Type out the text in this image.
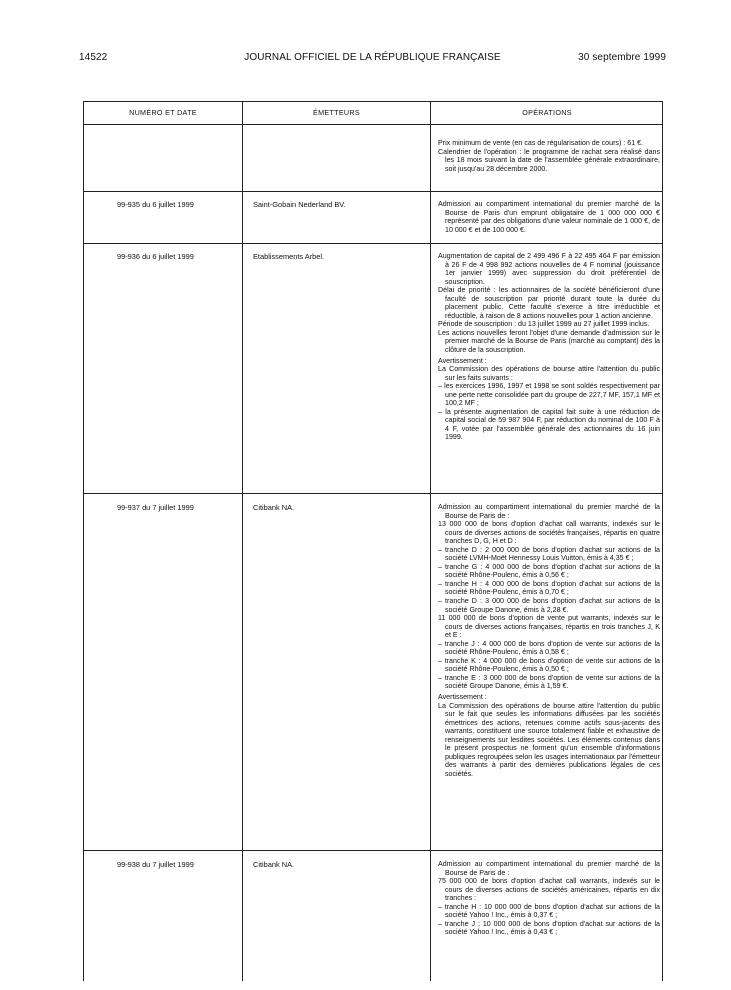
14522	JOURNAL OFFICIEL DE LA RÉPUBLIQUE FRANÇAISE	30 septembre 1999
NUMÉRO ET DATE	ÉMETTEURS	OPÉRATIONS

Prix minimum de vente (en cas de régularisation de cours) : 61 €.

Calendrier de l'opération : le programme de rachat sera réalisé dans les 18 mois suivant la date de l'assemblée générale extraordinaire, soit jusqu'au 28 décembre 2000.

99-935 du 6 juillet 1999	Saint-Gobain Nederland BV.	Admission au compartiment international du premier marché de la Bourse de Paris d'un emprunt obligataire de 1 000 000 000 € représenté par des obligations d'une valeur nominale de 1 000 €, de 10 000 € et de 100 000 €.

99-936 du 6 juillet 1999	Etablissements Arbel.	Augmentation de capital de 2 499 496 F à 22 495 464 F par émission à 26 F de 4 998 992 actions nouvelles de 4 F nominal (jouissance 1er janvier 1999) avec suppression du droit préférentiel de souscription.

Délai de priorité : les actionnaires de la société bénéficieront d'une faculté de souscription par priorité durant toute la durée du placement public. Cette faculté s'exerce à titre irréductible et réductible, à raison de 8 actions nouvelles pour 1 action ancienne.

Période de souscription : du 13 juillet 1999 au 27 juillet 1999 inclus.

Les actions nouvelles feront l'objet d'une demande d'admission sur le premier marché de la Bourse de Paris (marché au comptant) dès la clôture de la souscription.

Avertissement :

La Commission des opérations de bourse attire l'attention du public sur les faits suivants :

– les exercices 1996, 1997 et 1998 se sont soldés respectivement par une perte nette consolidée part du groupe de 227,7 MF, 157,1 MF et 100,2 MF ;

– la présente augmentation de capital fait suite à une réduction de capital social de 59 987 904 F, par réduction du nominal de 100 F à 4 F, votée par l'assemblée générale des actionnaires du 16 juin 1999.

99-937 du 7 juillet 1999	Citibank NA.	Admission au compartiment international du premier marché de la Bourse de Paris de :

13 000 000 de bons d'option d'achat call warrants, indexés sur le cours de diverses actions de sociétés françaises, répartis en quatre tranches D, G, H et D :

– tranche D : 2 000 000 de bons d'option d'achat sur actions de la société LVMH-Moët Hennessy Louis Vuitton, émis à 4,35 € ;

– tranche G : 4 000 000 de bons d'option d'achat sur actions de la société Rhône-Poulenc, émis à 0,56 € ;

– tranche H : 4 000 000 de bons d'option d'achat sur actions de la société Rhône-Poulenc, émis à 0,70 € ;

– tranche D : 3 000 000 de bons d'option d'achat sur actions de la société Groupe Danone, émis à 2,28 €.

11 000 000 de bons d'option de vente put warrants, indexés sur le cours de diverses actions françaises, répartis en trois tranches J, K et E :

– tranche J : 4 000 000 de bons d'option de vente sur actions de la société Rhône-Poulenc, émis à 0,58 € ;

– tranche K : 4 000 000 de bons d'option de vente sur actions de la société Rhône-Poulenc, émis à 0,50 € ;

– tranche E : 3 000 000 de bons d'option de vente sur actions de la société Groupe Danone, émis à 1,59 €.

Avertissement :

La Commission des opérations de bourse attire l'attention du public sur le fait que seules les informations diffusées par les sociétés émettrices des actions, retenues comme actifs sous-jacents des warrants, constituent une source totalement fiable et exhaustive de renseignements sur lesdites sociétés. Les éléments contenus dans le présent prospectus ne forment qu'un ensemble d'informations publiques regroupées selon les usages internationaux par l'émetteur des warrants à partir des dernières publications légales de ces sociétés.

99-938 du 7 juillet 1999	Citibank NA.	Admission au compartiment international du premier marché de la Bourse de Paris de :

75 000 000 de bons d'option d'achat call warrants, indexés sur le cours de diverses actions de sociétés américaines, répartis en dix tranches :

– tranche H : 10 000 000 de bons d'option d'achat sur actions de la société Yahoo ! Inc., émis à 0,37 € ;

– tranche J : 10 000 000 de bons d'option d'achat sur actions de la société Yahoo ! Inc., émis à 0,43 € ;
